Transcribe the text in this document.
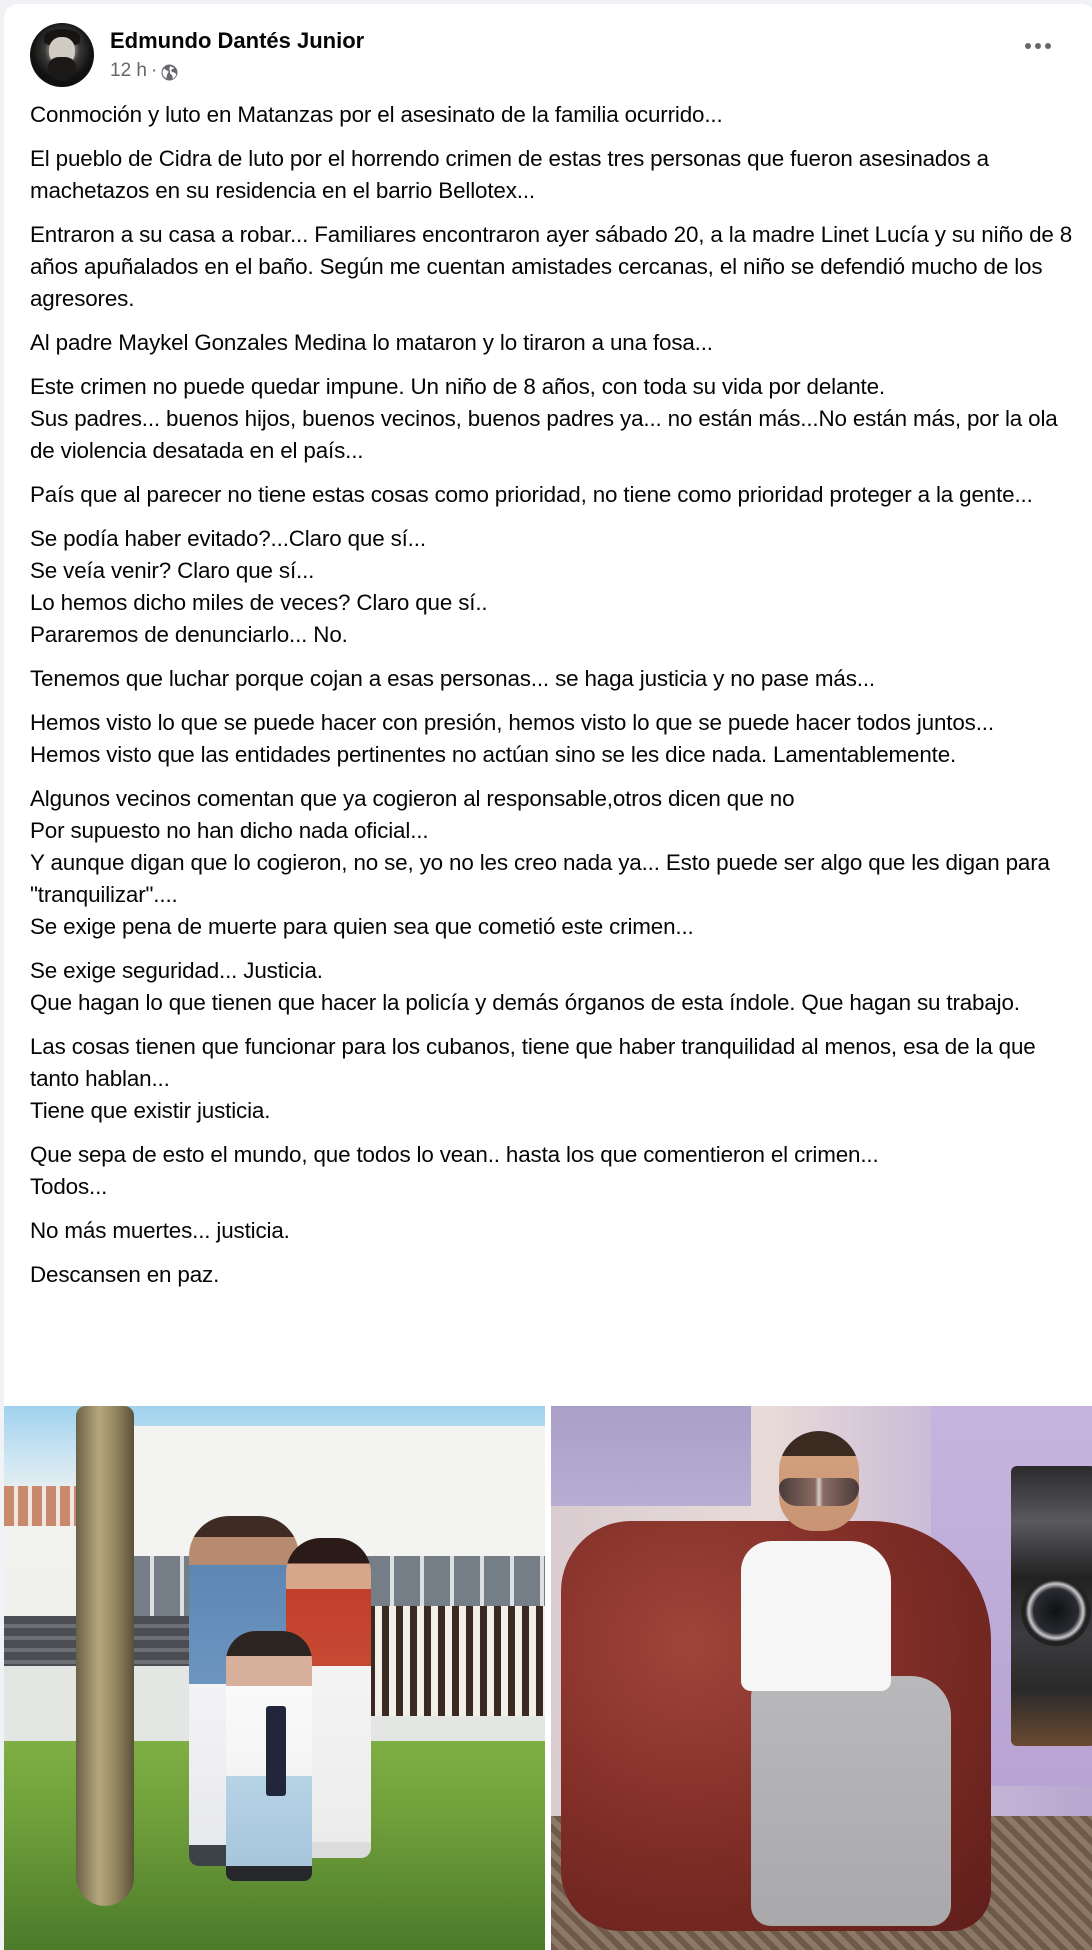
Edmundo Dantés Junior
12 h ·

Conmoción y luto en Matanzas por el asesinato de la familia ocurrido...

El pueblo de Cidra de luto por el horrendo crimen de estas tres personas que fueron asesinados a machetazos en su residencia en el barrio Bellotex...

Entraron a su casa a robar... Familiares encontraron ayer sábado 20, a la madre Linet Lucía y su niño de 8 años apuñalados en el baño. Según me cuentan amistades cercanas, el niño se defendió mucho de los agresores.

Al padre Maykel Gonzales Medina lo mataron y lo tiraron a una fosa...

Este crimen no puede quedar impune. Un niño de 8 años, con toda su vida por delante.
Sus padres... buenos hijos, buenos vecinos, buenos padres ya... no están más...No están más, por la ola de violencia desatada en el país...

País que al parecer no tiene estas cosas como prioridad, no tiene como prioridad proteger a la gente...

Se podía haber evitado?...Claro que sí...
Se veía venir? Claro que sí...
Lo hemos dicho miles de veces? Claro que sí..
Pararemos de denunciarlo... No.

Tenemos que luchar porque cojan a esas personas... se haga justicia y no pase más...

Hemos visto lo que se puede hacer con presión, hemos visto lo que se puede hacer todos juntos...
Hemos visto que las entidades pertinentes no actúan sino se les dice nada. Lamentablemente.

Algunos vecinos comentan que ya cogieron al responsable,otros dicen que no
Por supuesto no han dicho nada oficial...
Y aunque digan que lo cogieron, no se, yo no les creo nada ya... Esto puede ser algo que les digan para "tranquilizar"....
Se exige pena de muerte para quien sea que cometió este crimen...

Se exige seguridad... Justicia.
Que hagan lo que tienen que hacer la policía y demás órganos de esta índole. Que hagan su trabajo.

Las cosas tienen que funcionar para los cubanos, tiene que haber tranquilidad al menos, esa de la que tanto hablan...
Tiene que existir justicia.

Que sepa de esto el mundo, que todos lo vean.. hasta los que comentieron el crimen...
Todos...

No más muertes... justicia.

Descansen en paz.
